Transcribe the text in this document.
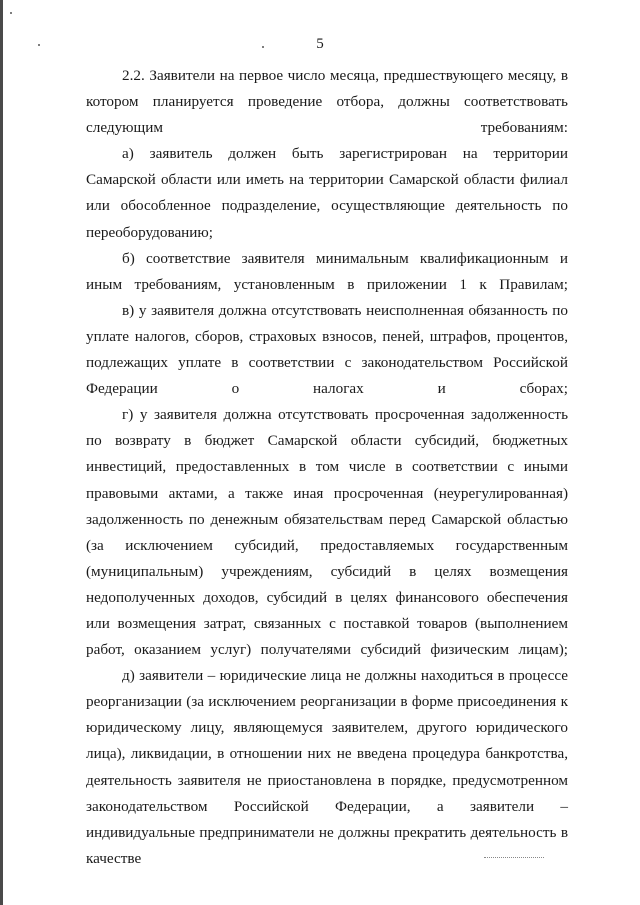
5

2.2. Заявители на первое число месяца, предшествующего месяцу, в котором планируется проведение отбора, должны соответствовать следующим требованиям:

а) заявитель должен быть зарегистрирован на территории Самарской области или иметь на территории Самарской области филиал или обособленное подразделение, осуществляющие деятельность по переоборудованию;

б) соответствие заявителя минимальным квалификационным и иным требованиям, установленным в приложении 1 к Правилам;

в) у заявителя должна отсутствовать неисполненная обязанность по уплате налогов, сборов, страховых взносов, пеней, штрафов, процентов, подлежащих уплате в соответствии с законодательством Российской Федерации о налогах и сборах;

г) у заявителя должна отсутствовать просроченная задолженность по возврату в бюджет Самарской области субсидий, бюджетных инвестиций, предоставленных в том числе в соответствии с иными правовыми актами, а также иная просроченная (неурегулированная) задолженность по денежным обязательствам перед Самарской областью (за исключением субсидий, предоставляемых государственным (муниципальным) учреждениям, субсидий в целях возмещения недополученных доходов, субсидий в целях финансового обеспечения или возмещения затрат, связанных с поставкой товаров (выполнением работ, оказанием услуг) получателями субсидий физическим лицам);

д) заявители – юридические лица не должны находиться в процессе реорганизации (за исключением реорганизации в форме присоединения к юридическому лицу, являющемуся заявителем, другого юридического лица), ликвидации, в отношении них не введена процедура банкротства, деятельность заявителя не приостановлена в порядке, предусмотренном законодательством Российской Федерации, а заявители – индивидуальные предприниматели не должны прекратить деятельность в качестве
